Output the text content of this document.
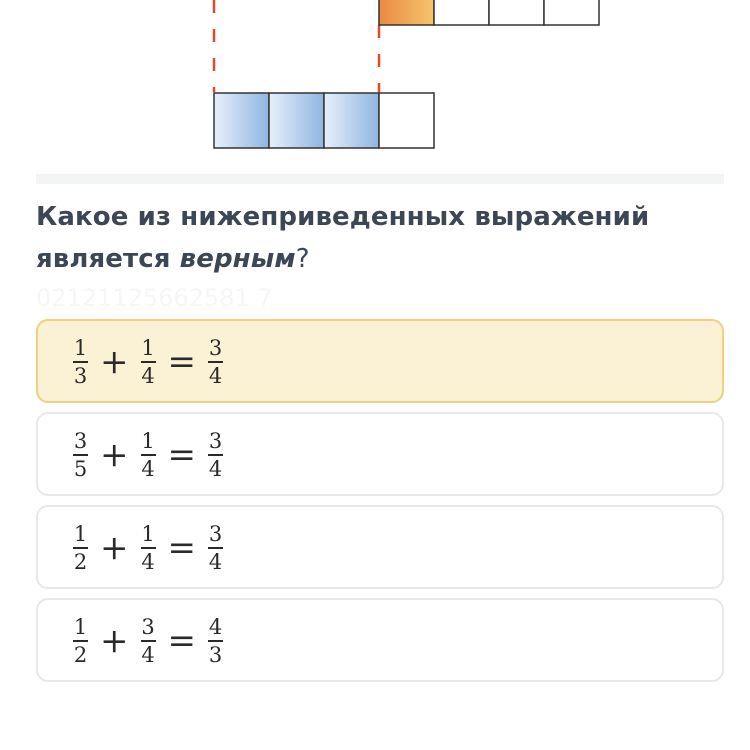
Какое из нижеприведенных выражений является верным?
02121125662581 7
$\frac{1}{3} + \frac{1}{4} = \frac{3}{4}$
$\frac{3}{5} + \frac{1}{4} = \frac{3}{4}$
$\frac{1}{2} + \frac{1}{4} = \frac{3}{4}$
$\frac{1}{2} + \frac{3}{4} = \frac{4}{3}$
